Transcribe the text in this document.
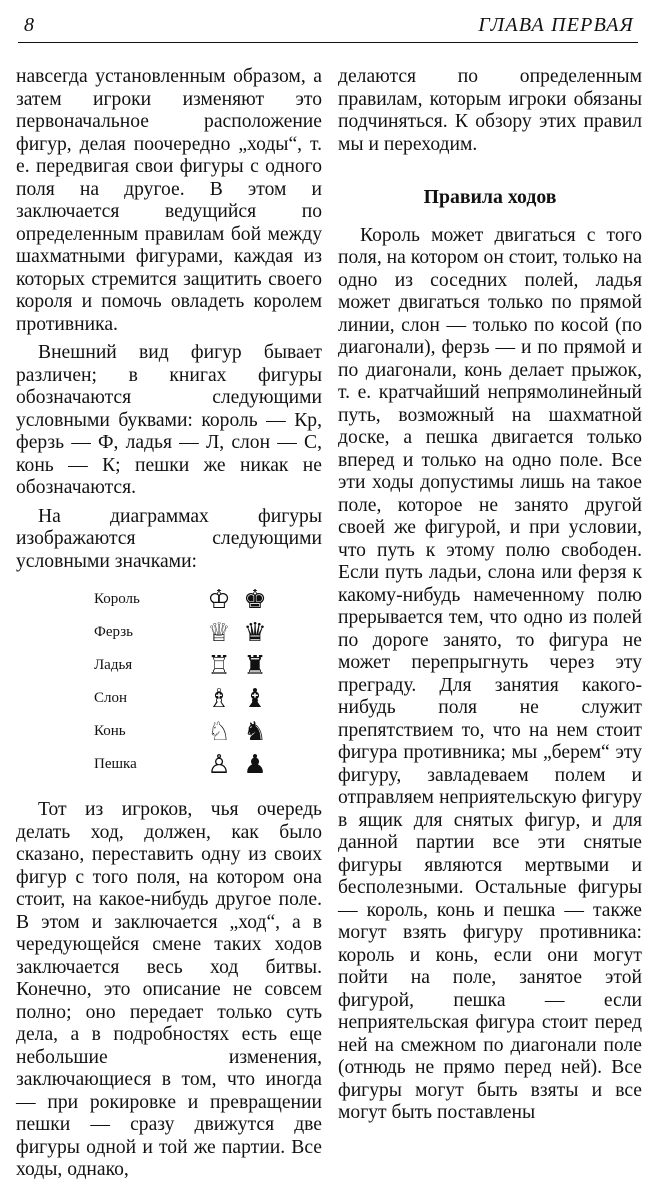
8	ГЛАВА ПЕРВАЯ

навсегда установленным образом, а затем игроки изменяют это первоначальное расположение фигур, делая поочередно „ходы“, т. е. передвигая свои фигуры с одного поля на другое. В этом и заключается ведущийся по определенным правилам бой между шахматными фигурами, каждая из которых стремится защитить своего короля и помочь овладеть королем противника.

Внешний вид фигур бывает различен; в книгах фигуры обозначаются следующими условными буквами: король — Кр, ферзь — Ф, ладья — Л, слон — С, конь — К; пешки же никак не обозначаются.

На диаграммах фигуры изображаются следующими условными значками:

Король	♔ ♚
Ферзь	♕ ♛
Ладья	♖ ♜
Слон	♗ ♝
Конь	♘ ♞
Пешка	♙ ♟

Тот из игроков, чья очередь делать ход, должен, как было сказано, переставить одну из своих фигур с того поля, на котором она стоит, на какое-нибудь другое поле. В этом и заключается „ход“, а в чередующейся смене таких ходов заключается весь ход битвы. Конечно, это описание не совсем полно; оно передает только суть дела, а в подробностях есть еще небольшие изменения, заключающиеся в том, что иногда — при рокировке и превращении пешки — сразу движутся две фигуры одной и той же партии. Все ходы, однако,

делаются по определенным правилам, которым игроки обязаны подчиняться. К обзору этих правил мы и переходим.

Правила ходов

Король может двигаться с того поля, на котором он стоит, только на одно из соседних полей, ладья может двигаться только по прямой линии, слон — только по косой (по диагонали), ферзь — и по прямой и по диагонали, конь делает прыжок, т. е. кратчайший непрямолинейный путь, возможный на шахматной доске, а пешка двигается только вперед и только на одно поле. Все эти ходы допустимы лишь на такое поле, которое не занято другой своей же фигурой, и при условии, что путь к этому полю свободен. Если путь ладьи, слона или ферзя к какому-нибудь намеченному полю прерывается тем, что одно из полей по дороге занято, то фигура не может перепрыгнуть через эту преграду. Для занятия какого-нибудь поля не служит препятствием то, что на нем стоит фигура противника; мы „берем“ эту фигуру, завладеваем полем и отправляем неприятельскую фигуру в ящик для снятых фигур, и для данной партии все эти снятые фигуры являются мертвыми и бесполезными. Остальные фигуры — король, конь и пешка — также могут взять фигуру противника: король и конь, если они могут пойти на поле, занятое этой фигурой, пешка — если неприятельская фигура стоит перед ней на смежном по диагонали поле (отнюдь не прямо перед ней). Все фигуры могут быть взяты и все могут быть поставлены
